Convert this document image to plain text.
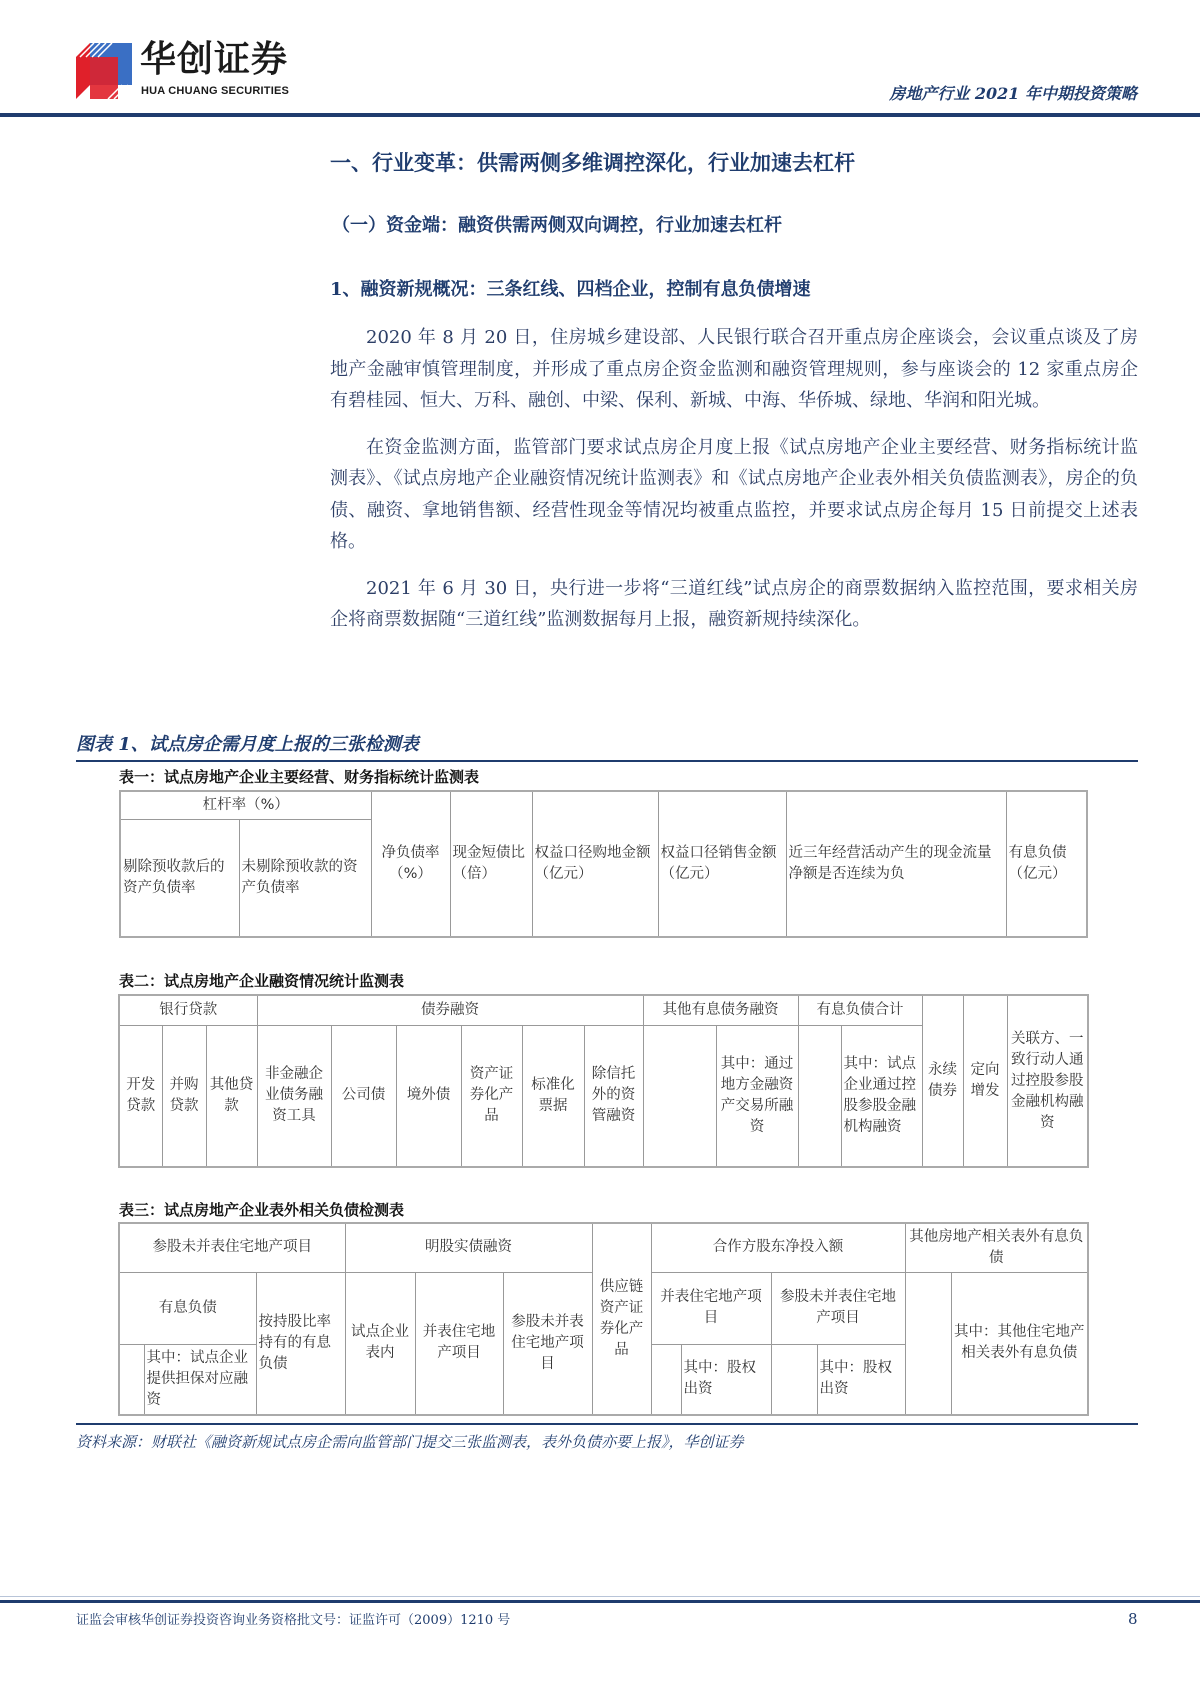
华创证券
HUA CHUANG SECURITIES	房地产行业 2021 年中期投资策略
一、行业变革：供需两侧多维调控深化，行业加速去杠杆
（一）资金端：融资供需两侧双向调控，行业加速去杠杆
1、融资新规概况：三条红线、四档企业，控制有息负债增速

2020 年 8 月 20 日，住房城乡建设部、人民银行联合召开重点房企座谈会，会议重点谈及了房地产金融审慎管理制度，并形成了重点房企资金监测和融资管理规则，参与座谈会的 12 家重点房企有碧桂园、恒大、万科、融创、中梁、保利、新城、中海、华侨城、绿地、华润和阳光城。

在资金监测方面，监管部门要求试点房企月度上报《试点房地产企业主要经营、财务指标统计监测表》、《试点房地产企业融资情况统计监测表》和《试点房地产企业表外相关负债监测表》，房企的负债、融资、拿地销售额、经营性现金等情况均被重点监控，并要求试点房企每月 15 日前提交上述表格。

2021 年 6 月 30 日，央行进一步将“三道红线”试点房企的商票数据纳入监控范围，要求相关房企将商票数据随“三道红线”监测数据每月上报，融资新规持续深化。

图表 1、试点房企需月度上报的三张检测表
表一：试点房地产企业主要经营、财务指标统计监测表
杠杆率（%）		净负债率（%）	现金短债比（倍）	权益口径购地金额（亿元）	权益口径销售金额（亿元）	近三年经营活动产生的现金流量净额是否连续为负	有息负债（亿元）
剔除预收款后的资产负债率	未剔除预收款的资产负债率						
表二：试点房地产企业融资情况统计监测表
银行贷款			债券融资						其他有息债务融资		有息负债合计		永续债券	定向增发	关联方、一致行动人通过控股参股金融机构融资
开发贷款	并购贷款	其他贷款	非金融企业债务融资工具	公司债	境外债	资产证券化产品	标准化票据	除信托外的资管融资		其中：通过地方金融资产交易所融资		其中：试点企业通过控股参股金融机构融资			
表三：试点房地产企业表外相关负债检测表
参股未并表住宅地产项目			明股实债融资			供应链资产证券化产品	合作方股东净投入额				其他房地产相关表外有息负债	
有息负债		按持股比率持有的有息负债	试点企业表内	并表住宅地产项目	参股未并表住宅地产项目		并表住宅地产项目		参股未并表住宅地产项目			其中：其他住宅地产相关表外有息负债
	其中：试点企业提供担保对应融资							其中：股权出资		其中：股权出资		
资料来源：财联社《融资新规试点房企需向监管部门提交三张监测表，表外负债亦要上报》，华创证券
证监会审核华创证券投资咨询业务资格批文号：证监许可（2009）1210 号	8
